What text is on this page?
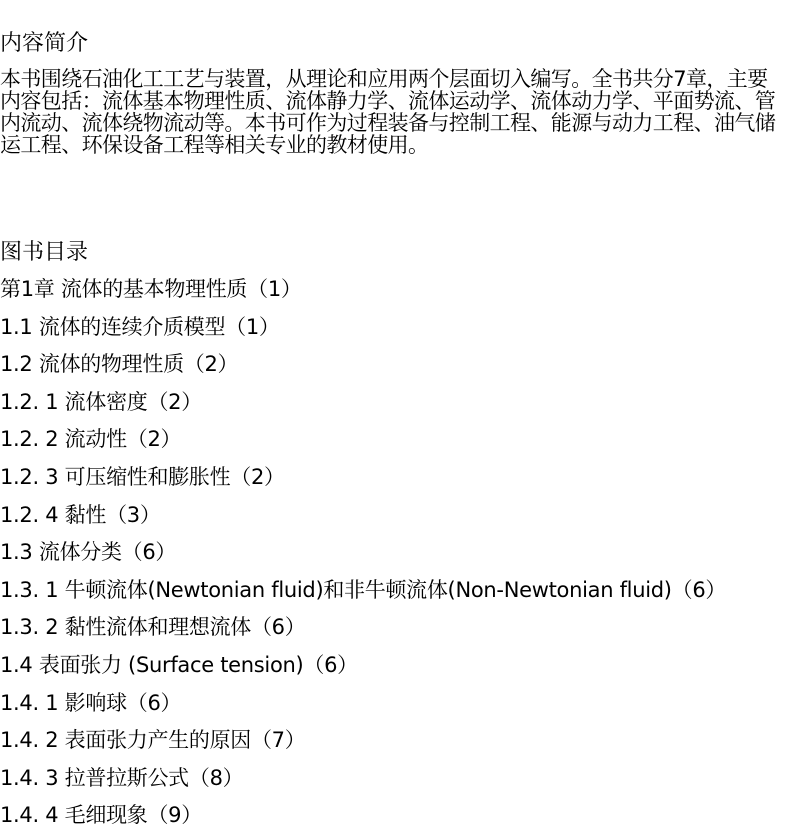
内容简介

本书围绕石油化工工艺与装置，从理论和应用两个层面切入编写。全书共分7章，主要内容包括：流体基本物理性质、流体静力学、流体运动学、流体动力学、平面势流、管内流动、流体绕物流动等。本书可作为过程装备与控制工程、能源与动力工程、油气储运工程、环保设备工程等相关专业的教材使用。

图书目录
第1章 流体的基本物理性质（1）
1.1 流体的连续介质模型（1）
1.2 流体的物理性质（2）
1.2. 1 流体密度（2）
1.2. 2 流动性（2）
1.2. 3 可压缩性和膨胀性（2）
1.2. 4 黏性（3）
1.3 流体分类（6）
1.3. 1 牛顿流体(Newtonian fluid)和非牛顿流体(Non-Newtonian fluid)（6）
1.3. 2 黏性流体和理想流体（6）
1.4 表面张力 (Surface tension)（6）
1.4. 1 影响球（6）
1.4. 2 表面张力产生的原因（7）
1.4. 3 拉普拉斯公式（8）
1.4. 4 毛细现象（9）
